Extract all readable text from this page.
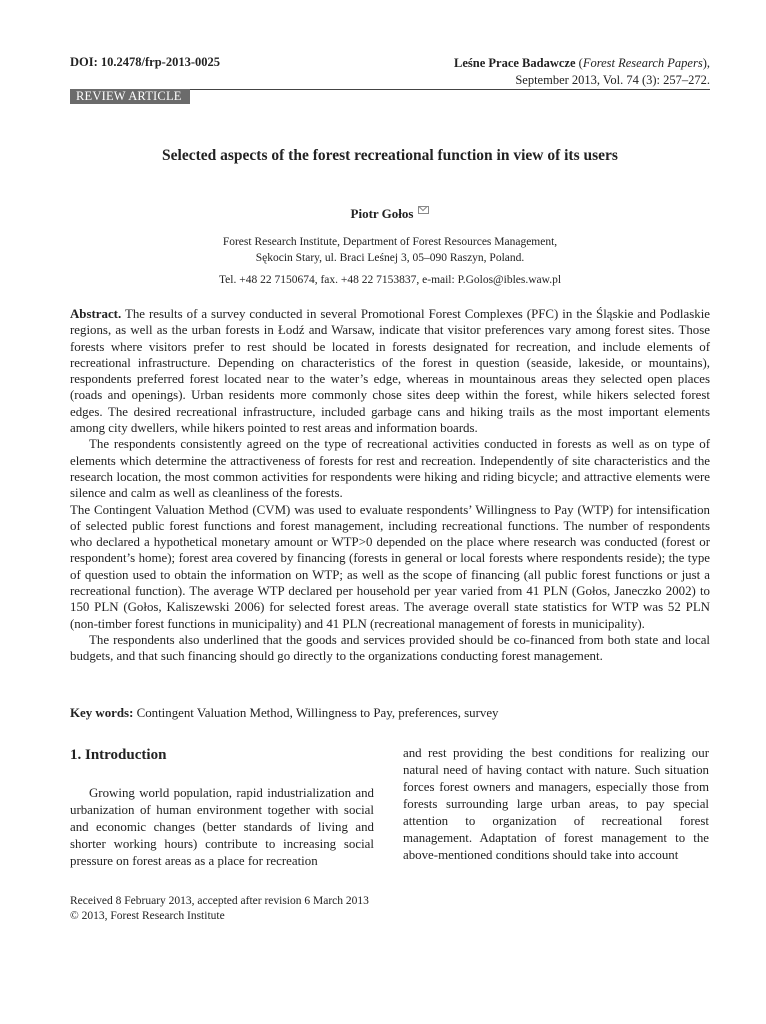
DOI: 10.2478/frp-2013-0025	Leśne Prace Badawcze (Forest Research Papers),
September 2013, Vol. 74 (3): 257–272.
REVIEW ARTICLE
Selected aspects of the forest recreational function in view of its users
Piotr Gołos
Forest Research Institute, Department of Forest Resources Management,
Sękocin Stary, ul. Braci Leśnej 3, 05–090 Raszyn, Poland.
Tel. +48 22 7150674, fax. +48 22 7153837, e-mail: P.Golos@ibles.waw.pl

Abstract. The results of a survey conducted in several Promotional Forest Complexes (PFC) in the Śląskie and Podlaskie regions, as well as the urban forests in Łodź and Warsaw, indicate that visitor preferences vary among forest sites. Those forests where visitors prefer to rest should be located in forests designated for recreation, and include elements of recreational infrastructure. Depending on characteristics of the forest in question (seaside, lakeside, or mountains), respondents preferred forest located near to the water’s edge, whereas in mountainous areas they selected open places (roads and openings). Urban residents more commonly chose sites deep within the forest, while hikers selected forest edges. The desired recreational infrastructure, included garbage cans and hiking trails as the most important elements among city dwellers, while hikers pointed to rest areas and information boards.

The respondents consistently agreed on the type of recreational activities conducted in forests as well as on type of elements which determine the attractiveness of forests for rest and recreation. Independently of site characteristics and the research location, the most common activities for respondents were hiking and riding bicycle; and attractive elements were silence and calm as well as cleanliness of the forests.

The Contingent Valuation Method (CVM) was used to evaluate respondents’ Willingness to Pay (WTP) for intensification of selected public forest functions and forest management, including recreational functions. The number of respondents who declared a hypothetical monetary amount or WTP>0 depended on the place where research was conducted (forest or respondent’s home); forest area covered by financing (forests in general or local forests where respondents reside); the type of question used to obtain the information on WTP; as well as the scope of financing (all public forest functions or just a recreational function). The average WTP declared per household per year varied from 41 PLN (Gołos, Janeczko 2002) to 150 PLN (Gołos, Kaliszewski 2006) for selected forest areas. The average overall state statistics for WTP was 52 PLN (non-timber forest functions in municipality) and 41 PLN (recreational management of forests in municipality).

The respondents also underlined that the goods and services provided should be co-financed from both state and local budgets, and that such financing should go directly to the organizations conducting forest management.

Key words: Contingent Valuation Method, Willingness to Pay, preferences, survey
1. Introduction

Growing world population, rapid industrialization and urbanization of human environment together with social and economic changes (better standards of living and shorter working hours) contribute to increasing social pressure on forest areas as a place for recreation

and rest providing the best conditions for realizing our natural need of having contact with nature. Such situation forces forest owners and managers, especially those from forests surrounding large urban areas, to pay special attention to organization of recreational forest management. Adaptation of forest management to the above-mentioned conditions should take into account

Received 8 February 2013, accepted after revision 6 March 2013
© 2013, Forest Research Institute
